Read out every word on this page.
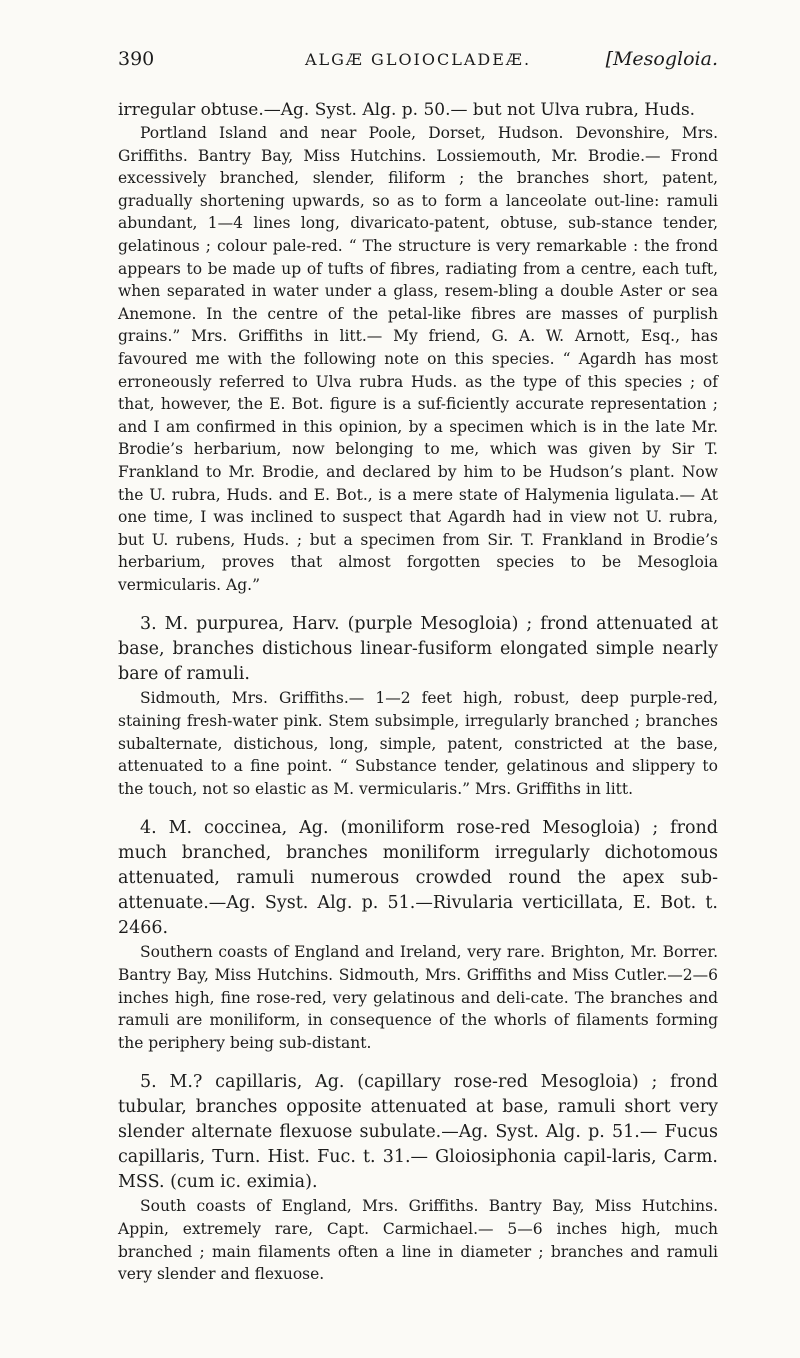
390	ALGÆ GLOIOCLADEÆ.	[Mesogloia.

irregular obtuse.—Ag. Syst. Alg. p. 50.— but not Ulva rubra, Huds.

Portland Island and near Poole, Dorset, Hudson. Devonshire, Mrs. Griffiths. Bantry Bay, Miss Hutchins. Lossiemouth, Mr. Brodie.— Frond excessively branched, slender, filiform ; the branches short, patent, gradually shortening upwards, so as to form a lanceolate out-line: ramuli abundant, 1—4 lines long, divaricato-patent, obtuse, sub-stance tender, gelatinous ; colour pale-red. “ The structure is very remarkable : the frond appears to be made up of tufts of fibres, radiating from a centre, each tuft, when separated in water under a glass, resem-bling a double Aster or sea Anemone. In the centre of the petal-like fibres are masses of purplish grains.” Mrs. Griffiths in litt.— My friend, G. A. W. Arnott, Esq., has favoured me with the following note on this species. “ Agardh has most erroneously referred to Ulva rubra Huds. as the type of this species ; of that, however, the E. Bot. figure is a suf-ficiently accurate representation ; and I am confirmed in this opinion, by a specimen which is in the late Mr. Brodie’s herbarium, now belonging to me, which was given by Sir T. Frankland to Mr. Brodie, and declared by him to be Hudson’s plant. Now the U. rubra, Huds. and E. Bot., is a mere state of Halymenia ligulata.— At one time, I was inclined to suspect that Agardh had in view not U. rubra, but U. rubens, Huds. ; but a specimen from Sir. T. Frankland in Brodie’s herbarium, proves that almost forgotten species to be Mesogloia vermicularis. Ag.”

3. M. purpurea, Harv. (purple Mesogloia) ; frond attenuated at base, branches distichous linear-fusiform elongated simple nearly bare of ramuli.

Sidmouth, Mrs. Griffiths.— 1—2 feet high, robust, deep purple-red, staining fresh-water pink. Stem subsimple, irregularly branched ; branches subalternate, distichous, long, simple, patent, constricted at the base, attenuated to a fine point. “ Substance tender, gelatinous and slippery to the touch, not so elastic as M. vermicularis.” Mrs. Griffiths in litt.

4. M. coccinea, Ag. (moniliform rose-red Mesogloia) ; frond much branched, branches moniliform irregularly dichotomous attenuated, ramuli numerous crowded round the apex sub-attenuate.—Ag. Syst. Alg. p. 51.—Rivularia verticillata, E. Bot. t. 2466.

Southern coasts of England and Ireland, very rare. Brighton, Mr. Borrer. Bantry Bay, Miss Hutchins. Sidmouth, Mrs. Griffiths and Miss Cutler.—2—6 inches high, fine rose-red, very gelatinous and deli-cate. The branches and ramuli are moniliform, in consequence of the whorls of filaments forming the periphery being sub-distant.

5. M.? capillaris, Ag. (capillary rose-red Mesogloia) ; frond tubular, branches opposite attenuated at base, ramuli short very slender alternate flexuose subulate.—Ag. Syst. Alg. p. 51.— Fucus capillaris, Turn. Hist. Fuc. t. 31.— Gloiosiphonia capil-laris, Carm. MSS. (cum ic. eximia).

South coasts of England, Mrs. Griffiths. Bantry Bay, Miss Hutchins. Appin, extremely rare, Capt. Carmichael.— 5—6 inches high, much branched ; main filaments often a line in diameter ; branches and ramuli very slender and flexuose.
